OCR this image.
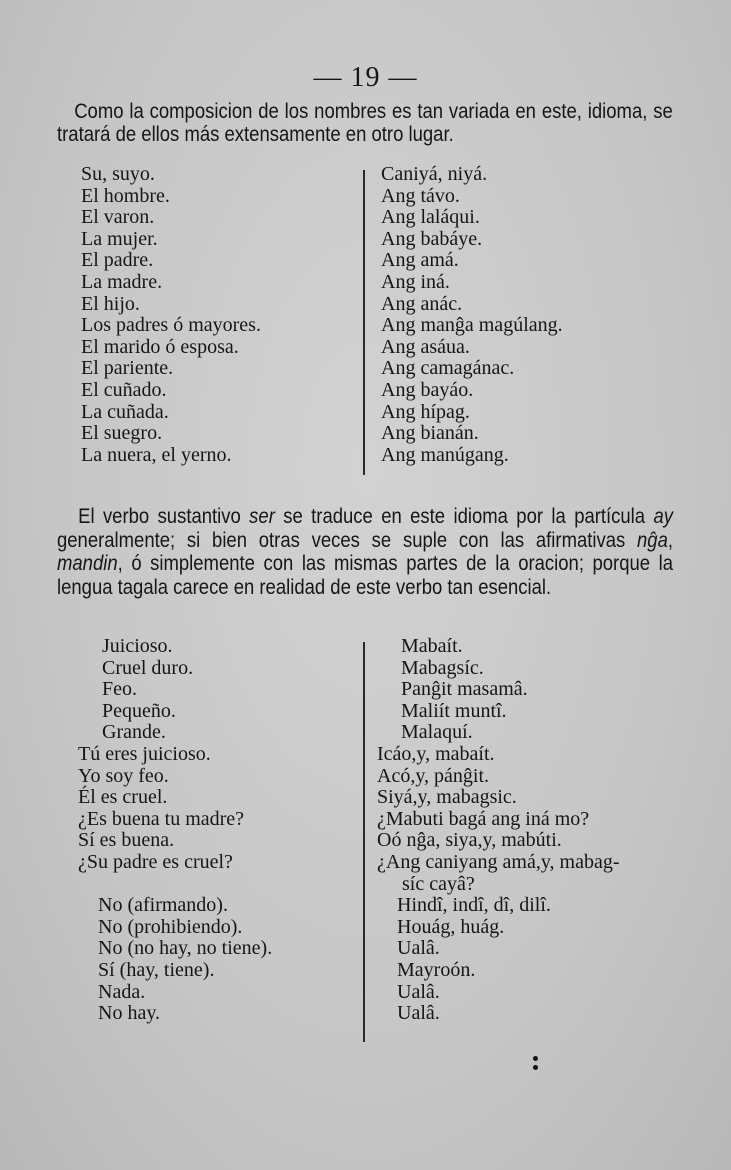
— 19 —

Como la composicion de los nombres es tan variada en este, idioma, se tratará de ellos más extensamente en otro lugar.

Su, suyo.
El hombre.
El varon.
La mujer.
El padre.
La madre.
El hijo.
Los padres ó mayores.
El marido ó esposa.
El pariente.
El cuñado.
La cuñada.
El suegro.
La nuera, el yerno.
Caniyá, niyá.
Ang távo.
Ang laláqui.
Ang babáye.
Ang amá.
Ang iná.
Ang anác.
Ang manĝa magúlang.
Ang asáua.
Ang camagánac.
Ang bayáo.
Ang hípag.
Ang bianán.
Ang manúgang.

El verbo sustantivo ser se traduce en este idioma por la partícula ay generalmente; si bien otras veces se suple con las afirmativas nĝa, mandin, ó simplemente con las mismas partes de la oracion; porque la lengua tagala carece en realidad de este verbo tan esencial.

Juicioso.
Cruel duro.
Feo.
Pequeño.
Grande.
Tú eres juicioso.
Yo soy feo.
Él es cruel.
¿Es buena tu madre?
Sí es buena.
¿Su padre es cruel?
No (afirmando).
No (prohibiendo).
No (no hay, no tiene).
Sí (hay, tiene).
Nada.
No hay.
Mabaít.
Mabagsíc.
Panĝit masamâ.
Maliít muntî.
Malaquí.
Icáo,y, mabaít.
Acó,y, pánĝit.
Siyá,y, mabagsic.
¿Mabuti bagá ang iná mo?
Oó nĝa, siya,y, mabúti.
¿Ang caniyang amá,y, mabag-
síc cayâ?
Hindî, indî, dî, dilî.
Houág, huág.
Ualâ.
Mayroón.
Ualâ.
Ualâ.
